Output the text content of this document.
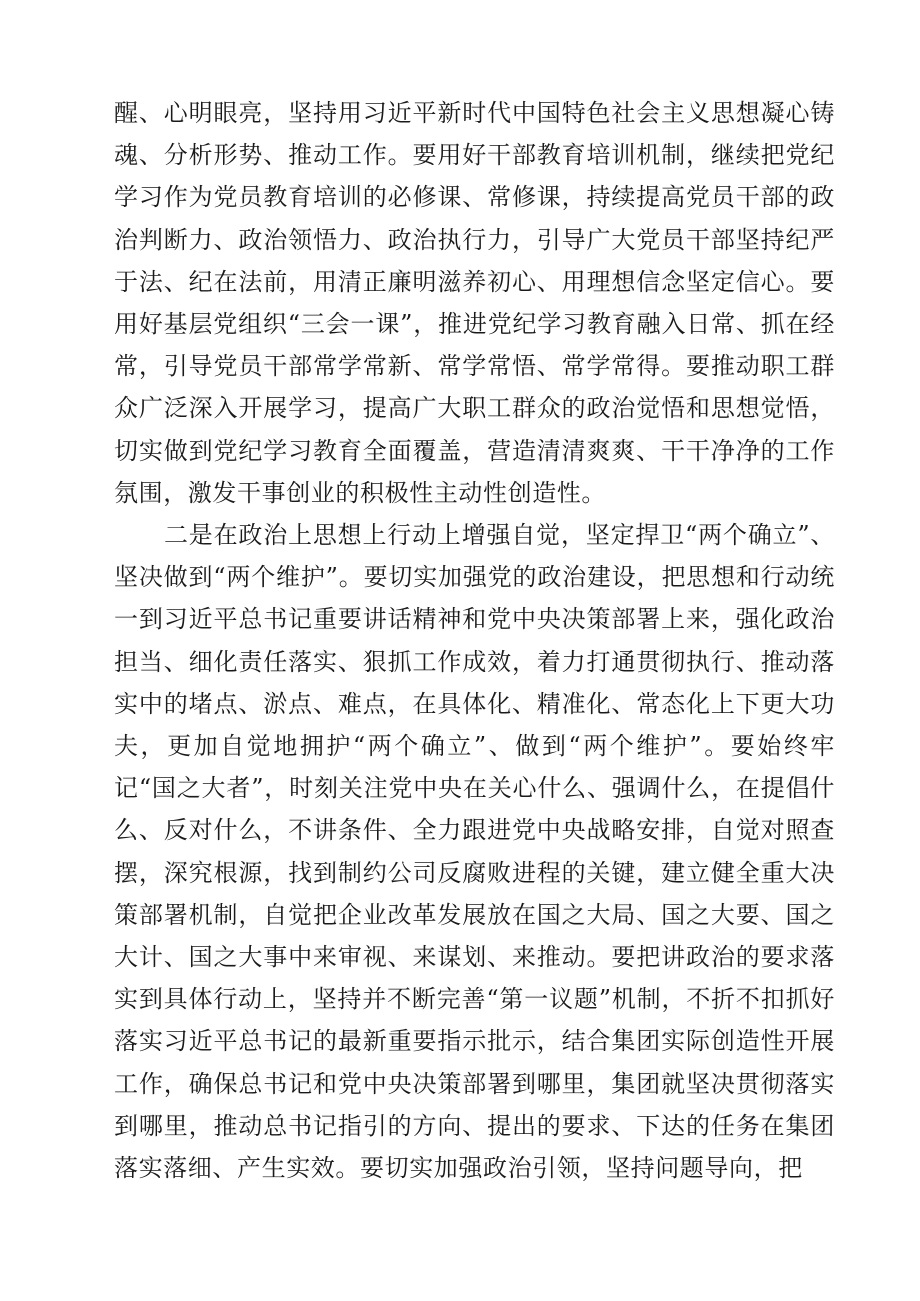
醒、心明眼亮，坚持用习近平新时代中国特色社会主义思想凝心铸魂、分析形势、推动工作。要用好干部教育培训机制，继续把党纪学习作为党员教育培训的必修课、常修课，持续提高党员干部的政治判断力、政治领悟力、政治执行力，引导广大党员干部坚持纪严于法、纪在法前，用清正廉明滋养初心、用理想信念坚定信心。要用好基层党组织“三会一课”，推进党纪学习教育融入日常、抓在经常，引导党员干部常学常新、常学常悟、常学常得。要推动职工群众广泛深入开展学习，提高广大职工群众的政治觉悟和思想觉悟，切实做到党纪学习教育全面覆盖，营造清清爽爽、干干净净的工作氛围，激发干事创业的积极性主动性创造性。

二是在政治上思想上行动上增强自觉，坚定捍卫“两个确立”、坚决做到“两个维护”。要切实加强党的政治建设，把思想和行动统一到习近平总书记重要讲话精神和党中央决策部署上来，强化政治担当、细化责任落实、狠抓工作成效，着力打通贯彻执行、推动落实中的堵点、淤点、难点，在具体化、精准化、常态化上下更大功夫，更加自觉地拥护“两个确立”、做到“两个维护”。要始终牢记“国之大者”，时刻关注党中央在关心什么、强调什么，在提倡什么、反对什么，不讲条件、全力跟进党中央战略安排，自觉对照查摆，深究根源，找到制约公司反腐败进程的关键，建立健全重大决策部署机制，自觉把企业改革发展放在国之大局、国之大要、国之大计、国之大事中来审视、来谋划、来推动。要把讲政治的要求落实到具体行动上，坚持并不断完善“第一议题”机制，不折不扣抓好落实习近平总书记的最新重要指示批示，结合集团实际创造性开展工作，确保总书记和党中央决策部署到哪里，集团就坚决贯彻落实到哪里，推动总书记指引的方向、提出的要求、下达的任务在集团落实落细、产生实效。要切实加强政治引领，坚持问题导向，把
